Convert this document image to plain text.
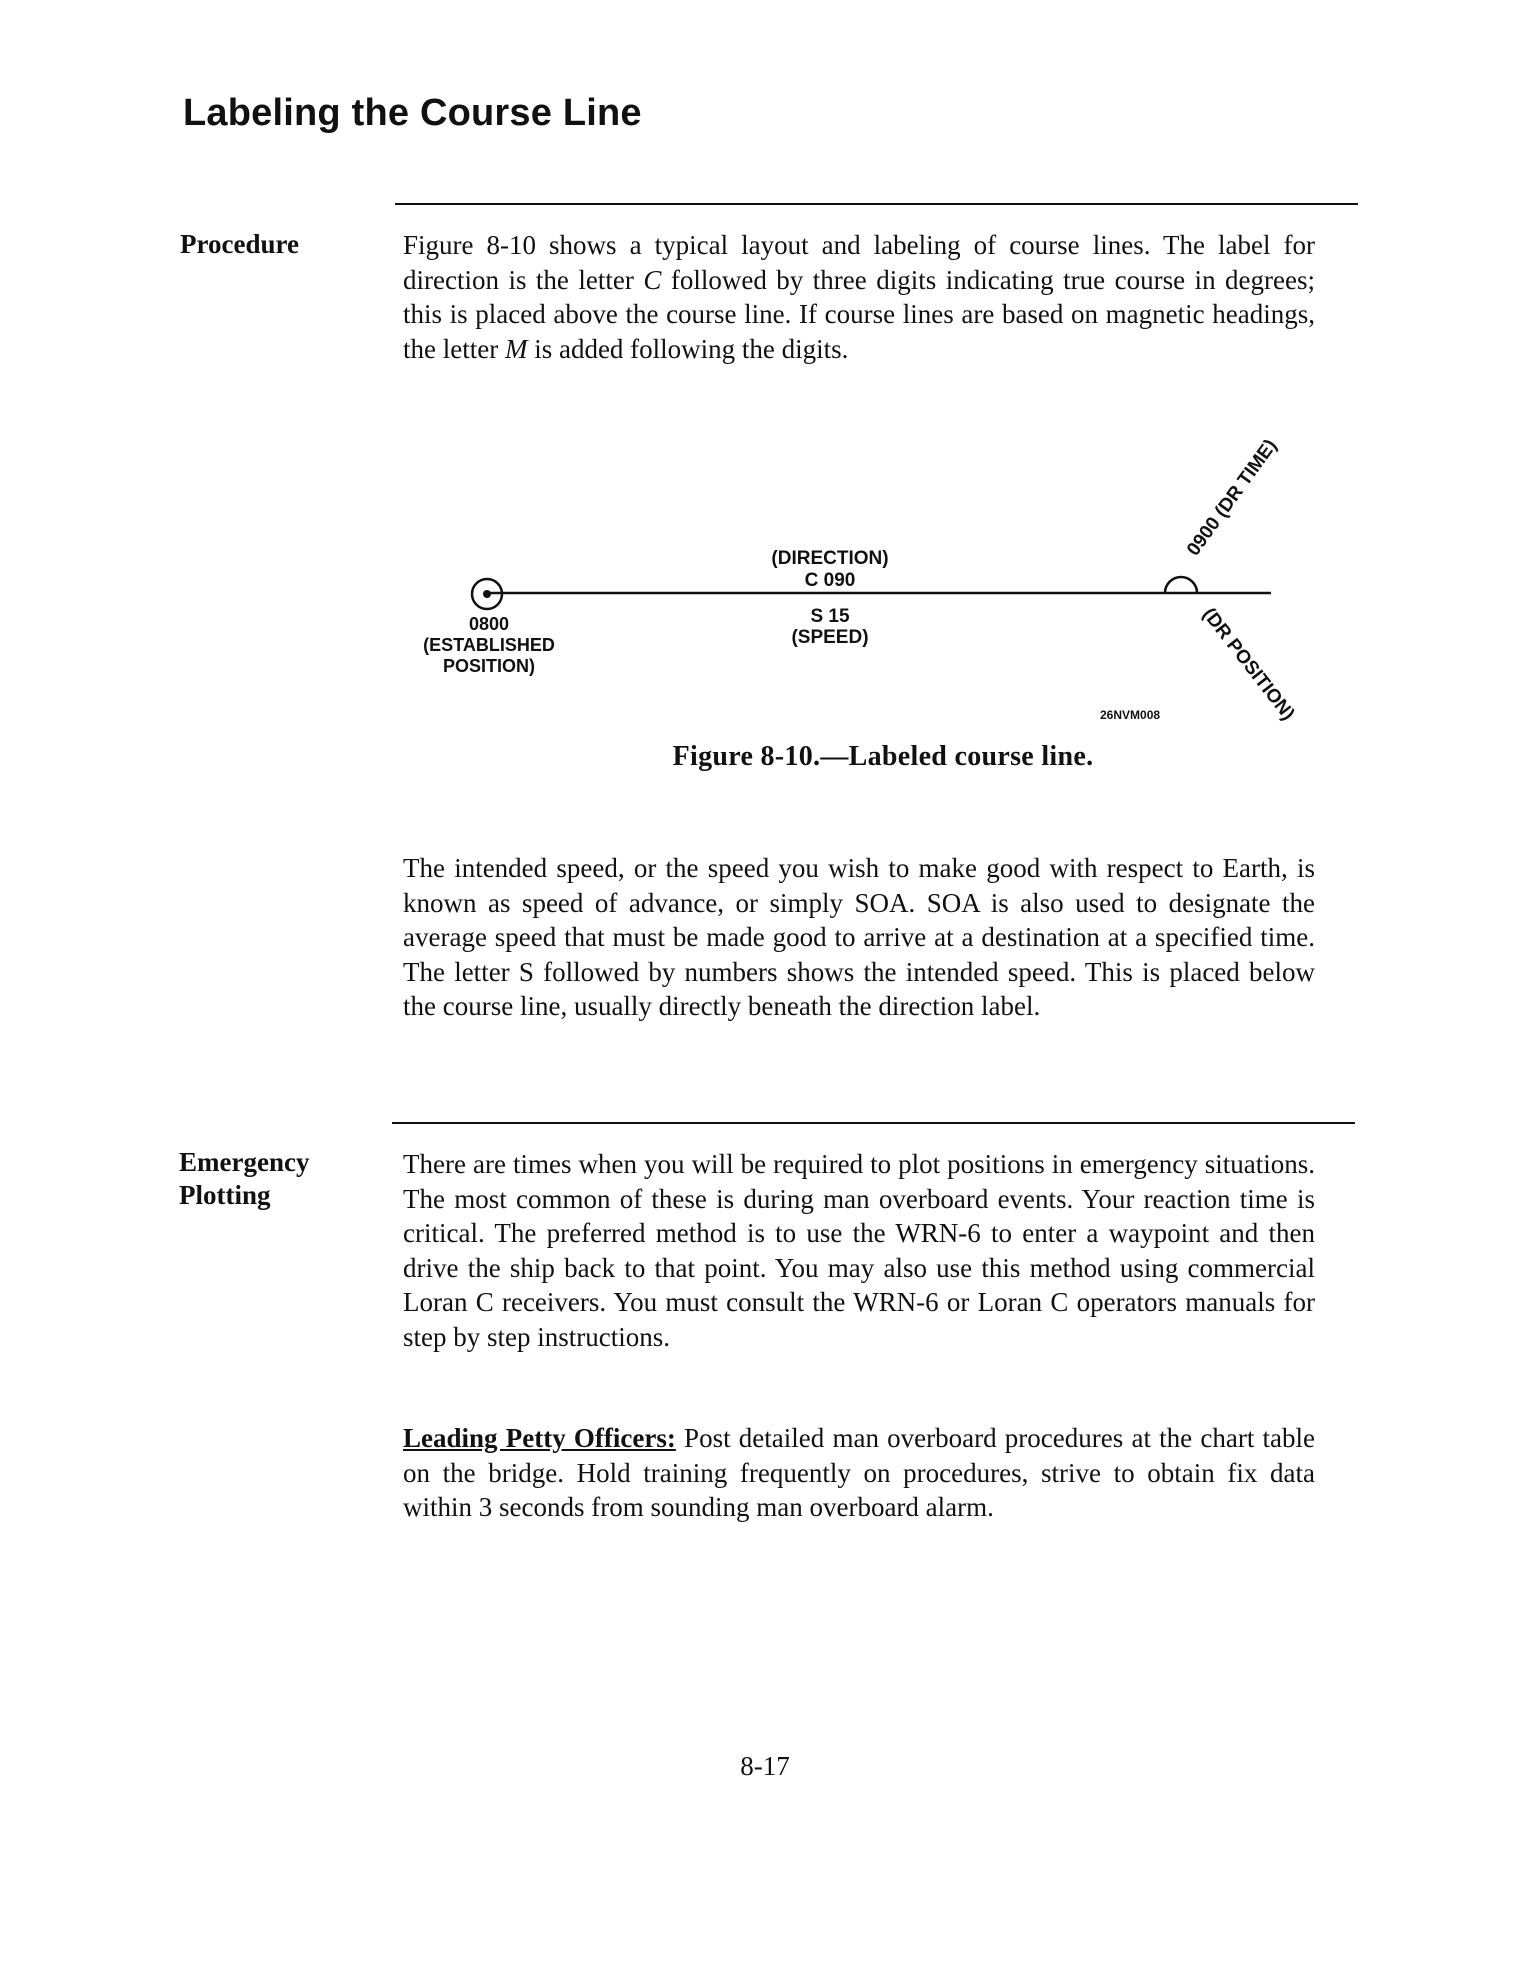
Labeling the Course Line
Procedure	Figure 8-10 shows a typical layout and labeling of course lines. The label for direction is the letter C followed by three digits indicating true course in degrees; this is placed above the course line. If course lines are based on magnetic headings, the letter M is added following the digits.
(DIRECTION)
C 090
S 15
(SPEED)
0800
(ESTABLISHED
POSITION)
0900 (DR TIME)
(DR POSITION)
26NVM008
Figure 8-10.—Labeled course line.
The intended speed, or the speed you wish to make good with respect to Earth, is known as speed of advance, or simply SOA. SOA is also used to designate the average speed that must be made good to arrive at a destination at a specified time. The letter S followed by numbers shows the intended speed. This is placed below the course line, usually directly beneath the direction label.
Emergency
Plotting
There are times when you will be required to plot positions in emergency situations. The most common of these is during man overboard events. Your reaction time is critical. The preferred method is to use the WRN-6 to enter a waypoint and then drive the ship back to that point. You may also use this method using commercial Loran C receivers. You must consult the WRN-6 or Loran C operators manuals for step by step instructions.
Leading Petty Officers: Post detailed man overboard procedures at the chart table on the bridge. Hold training frequently on procedures, strive to obtain fix data within 3 seconds from sounding man overboard alarm.
8-17
